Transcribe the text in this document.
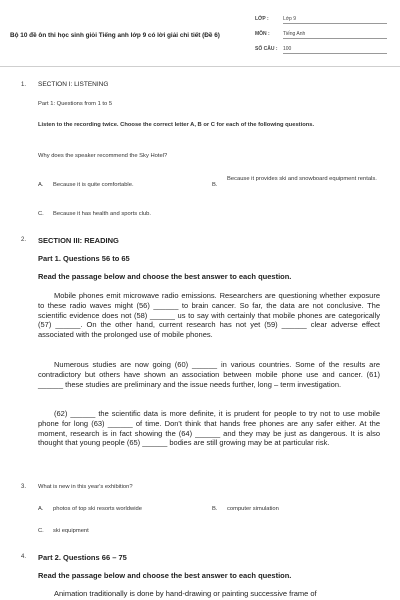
Bộ 10 đề ôn thi học sinh giỏi Tiếng anh lớp 9 có lời giải chi tiết (Đề 6)
LỚP :	Lớp 9
MÔN :	Tiếng Anh
SỐ CÂU : 100
1. SECTION I: LISTENING
Part 1: Questions from 1 to 5
Listen to the recording twice. Choose the correct letter A, B or C for each of the following questions.
Why does the speaker recommend the Sky Hotel?
A. Because it is quite comfortable.	B.
Because it provides ski and snowboard equipment rentals.
C. Because it has health and sports club.
2. SECTION III: READING
Part 1. Questions 56 to 65
Read the passage below and choose the best answer to each question.
Mobile phones emit microwave radio emissions. Researchers are questioning whether exposure to these radio waves might (56) ______ to brain cancer. So far, the data are not conclusive. The scientific evidence does not (58) ______ us to say with certainly that mobile phones are categorically (57) ______. On the other hand, current research has not yet (59) ______ clear adverse effect associated with the prolonged use of mobile phones.
Numerous studies are now going (60) ______ in various countries. Some of the results are contradictory but others have shown an association between mobile phone use and cancer. (61) ______ these studies are preliminary and the issue needs further, long – term investigation.
(62) ______ the scientific data is more definite, it is prudent for people to try not to use mobile phone for long (63) ______ of time. Don't think that hands free phones are any safer either. At the moment, research is in fact showing the (64) ______ and they may be just as dangerous. It is also thought that young people (65) ______ bodies are still growing may be at particular risk.
3. What is new in this year's exhibition?
A. photos of top ski resorts worldwide	B. computer simulation
C. ski equipment
4. Part 2. Questions 66 – 75
Read the passage below and choose the best answer to each question.
Animation traditionally is done by hand-drawing or painting successive frame of
